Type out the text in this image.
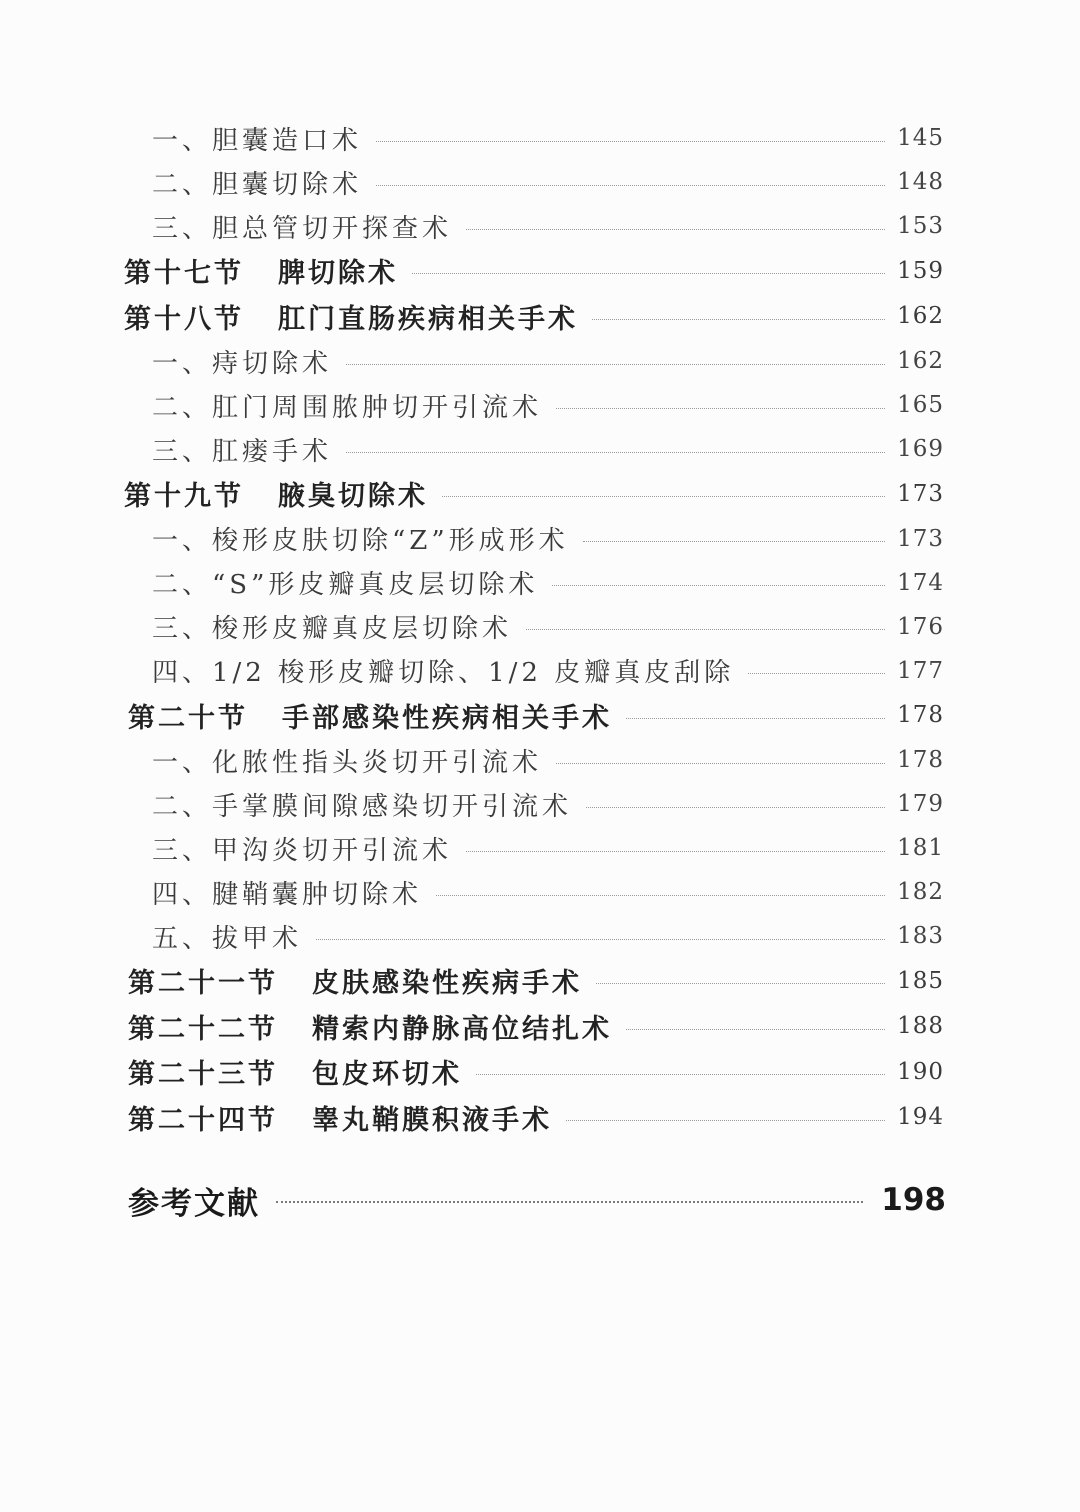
一、胆囊造口术	145
二、胆囊切除术	148
三、胆总管切开探查术	153
第十七节 脾切除术	159
第十八节 肛门直肠疾病相关手术	162
一、痔切除术	162
二、肛门周围脓肿切开引流术	165
三、肛瘘手术	169
第十九节 腋臭切除术	173
一、梭形皮肤切除“Z”形成形术	173
二、“S”形皮瓣真皮层切除术	174
三、梭形皮瓣真皮层切除术	176
四、1/2 梭形皮瓣切除、1/2 皮瓣真皮刮除	177
第二十节 手部感染性疾病相关手术	178
一、化脓性指头炎切开引流术	178
二、手掌膜间隙感染切开引流术	179
三、甲沟炎切开引流术	181
四、腱鞘囊肿切除术	182
五、拔甲术	183
第二十一节 皮肤感染性疾病手术	185
第二十二节 精索内静脉高位结扎术	188
第二十三节 包皮环切术	190
第二十四节 睾丸鞘膜积液手术	194
参考文献	198
